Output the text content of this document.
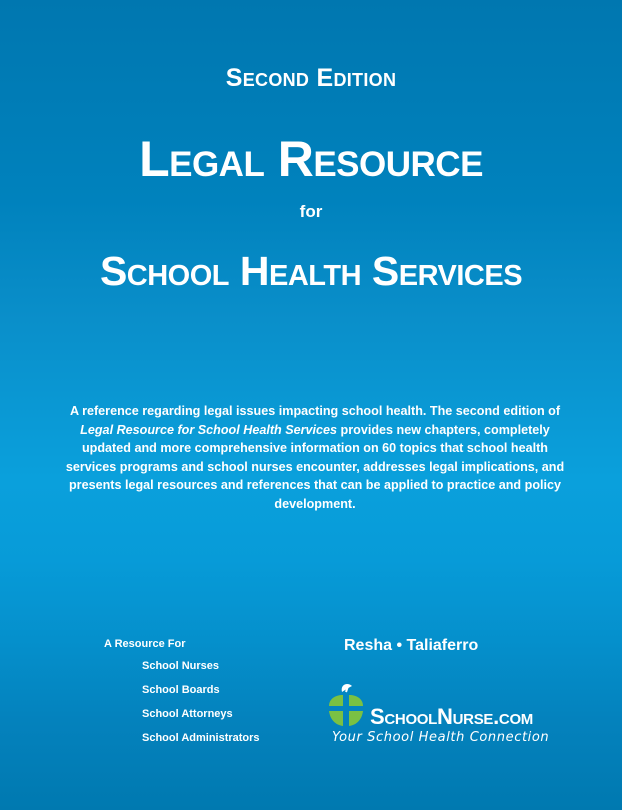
Second Edition
Legal Resource
for
School Health Services
A reference regarding legal issues impacting school health. The second edition of Legal Resource for School Health Services provides new chapters, completely updated and more comprehensive information on 60 topics that school health services programs and school nurses encounter, addresses legal implications, and presents legal resources and references that can be applied to practice and policy development.
A Resource For
School Nurses
School Boards
School Attorneys
School Administrators
Resha • Taliaferro
SchoolNurse.com
Your School Health Connection
